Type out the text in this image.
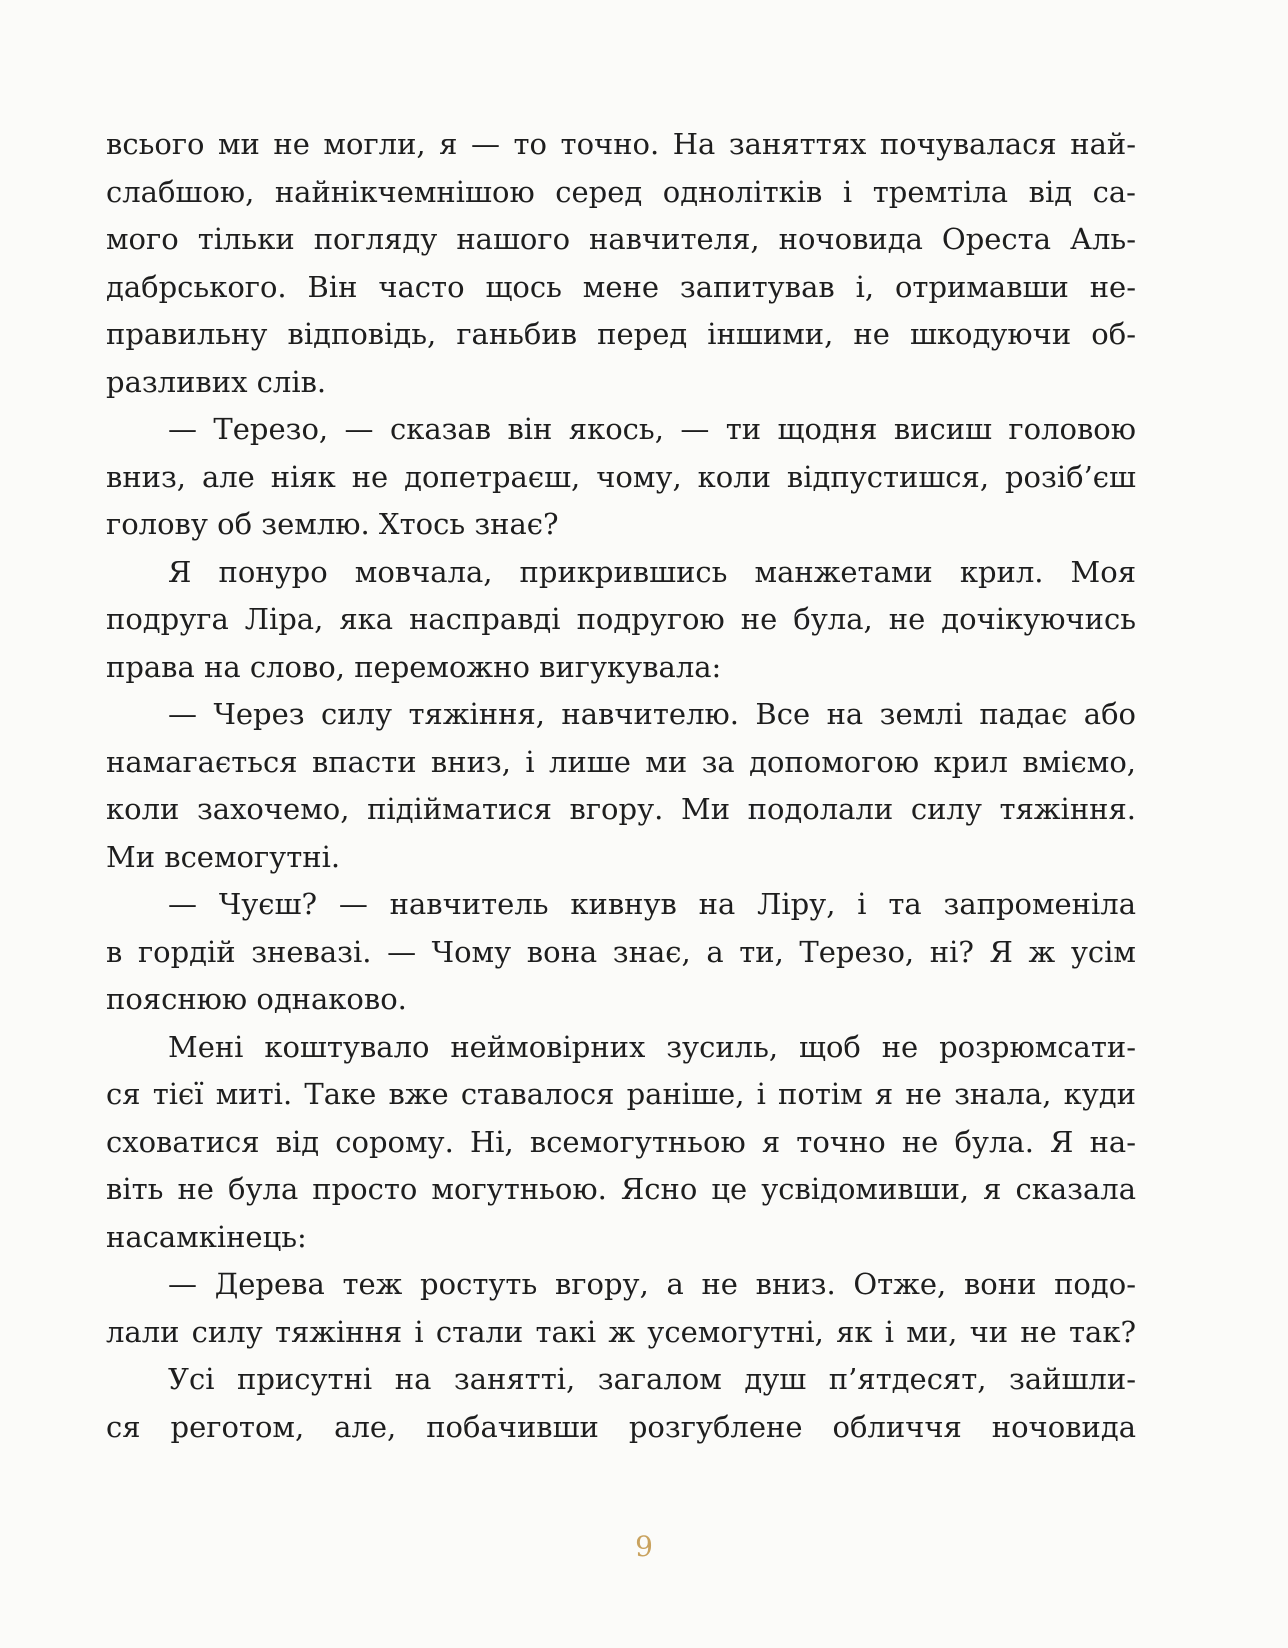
всього ми не могли, я — то точно. На заняттях почувалася най-
слабшою, найнікчемнішою серед однолітків і тремтіла від са-
мого тільки погляду нашого навчителя, ночовида Ореста Аль-
дабрського. Він часто щось мене запитував і, отримавши не-
правильну відповідь, ганьбив перед іншими, не шкодуючи об-
разливих слів.
— Терезо, — сказав він якось, — ти щодня висиш головою
вниз, але ніяк не допетраєш, чому, коли відпустишся, розіб’єш
голову об землю. Хтось знає?
Я понуро мовчала, прикрившись манжетами крил. Моя
подруга Ліра, яка насправді подругою не була, не дочікуючись
права на слово, переможно вигукувала:
— Через силу тяжіння, навчителю. Все на землі падає або
намагається впасти вниз, і лише ми за допомогою крил вміємо,
коли захочемо, підійматися вгору. Ми подолали силу тяжіння.
Ми всемогутні.
— Чуєш? — навчитель кивнув на Ліру, і та запроменіла
в гордій зневазі. — Чому вона знає, а ти, Терезо, ні? Я ж усім
пояснюю однаково.
Мені коштувало неймовірних зусиль, щоб не розрюмсати-
ся тієї миті. Таке вже ставалося раніше, і потім я не знала, куди
сховатися від сорому. Ні, всемогутньою я точно не була. Я на-
віть не була просто могутньою. Ясно це усвідомивши, я сказала
насамкінець:
— Дерева теж ростуть вгору, а не вниз. Отже, вони подо-
лали силу тяжіння і стали такі ж усемогутні, як і ми, чи не так?
Усі присутні на занятті, загалом душ п’ятдесят, зайшли-
ся реготом, але, побачивши розгублене обличчя ночовида
9
